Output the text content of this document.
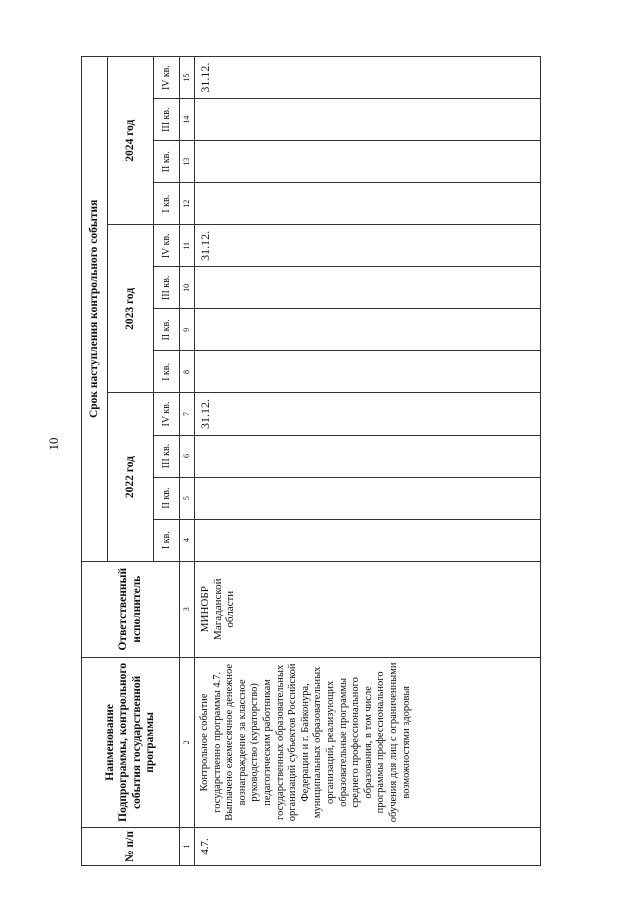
10
№ п/п	Наименование Подпрограммы, контрольного события государственной программы	Ответственный исполнитель	Срок наступления контрольного события											
			2022 год				2023 год				2024 год			
			I кв.	II кв.	III кв.	IV кв.	I кв.	II кв.	III кв.	IV кв.	I кв.	II кв.	III кв.	IV кв.
1	2	3	4	5	6	7	8	9	10	11	12	13	14	15
4.7.	Контрольное событие государственно программы 4.7. Выплачено ежемесячное денежное вознаграждение за классное руководство (кураторство) педагогическим работникам государственных образовательных организаций субъектов Российской Федерации и г. Байконура, муниципальных образовательных организаций, реализующих образовательные программы среднего профессионального образования, в том числе программы профессионального обучения для лиц с ограниченными возможностями здоровья	МИНОБР Магаданской области				31.12.				31.12.				31.12.
